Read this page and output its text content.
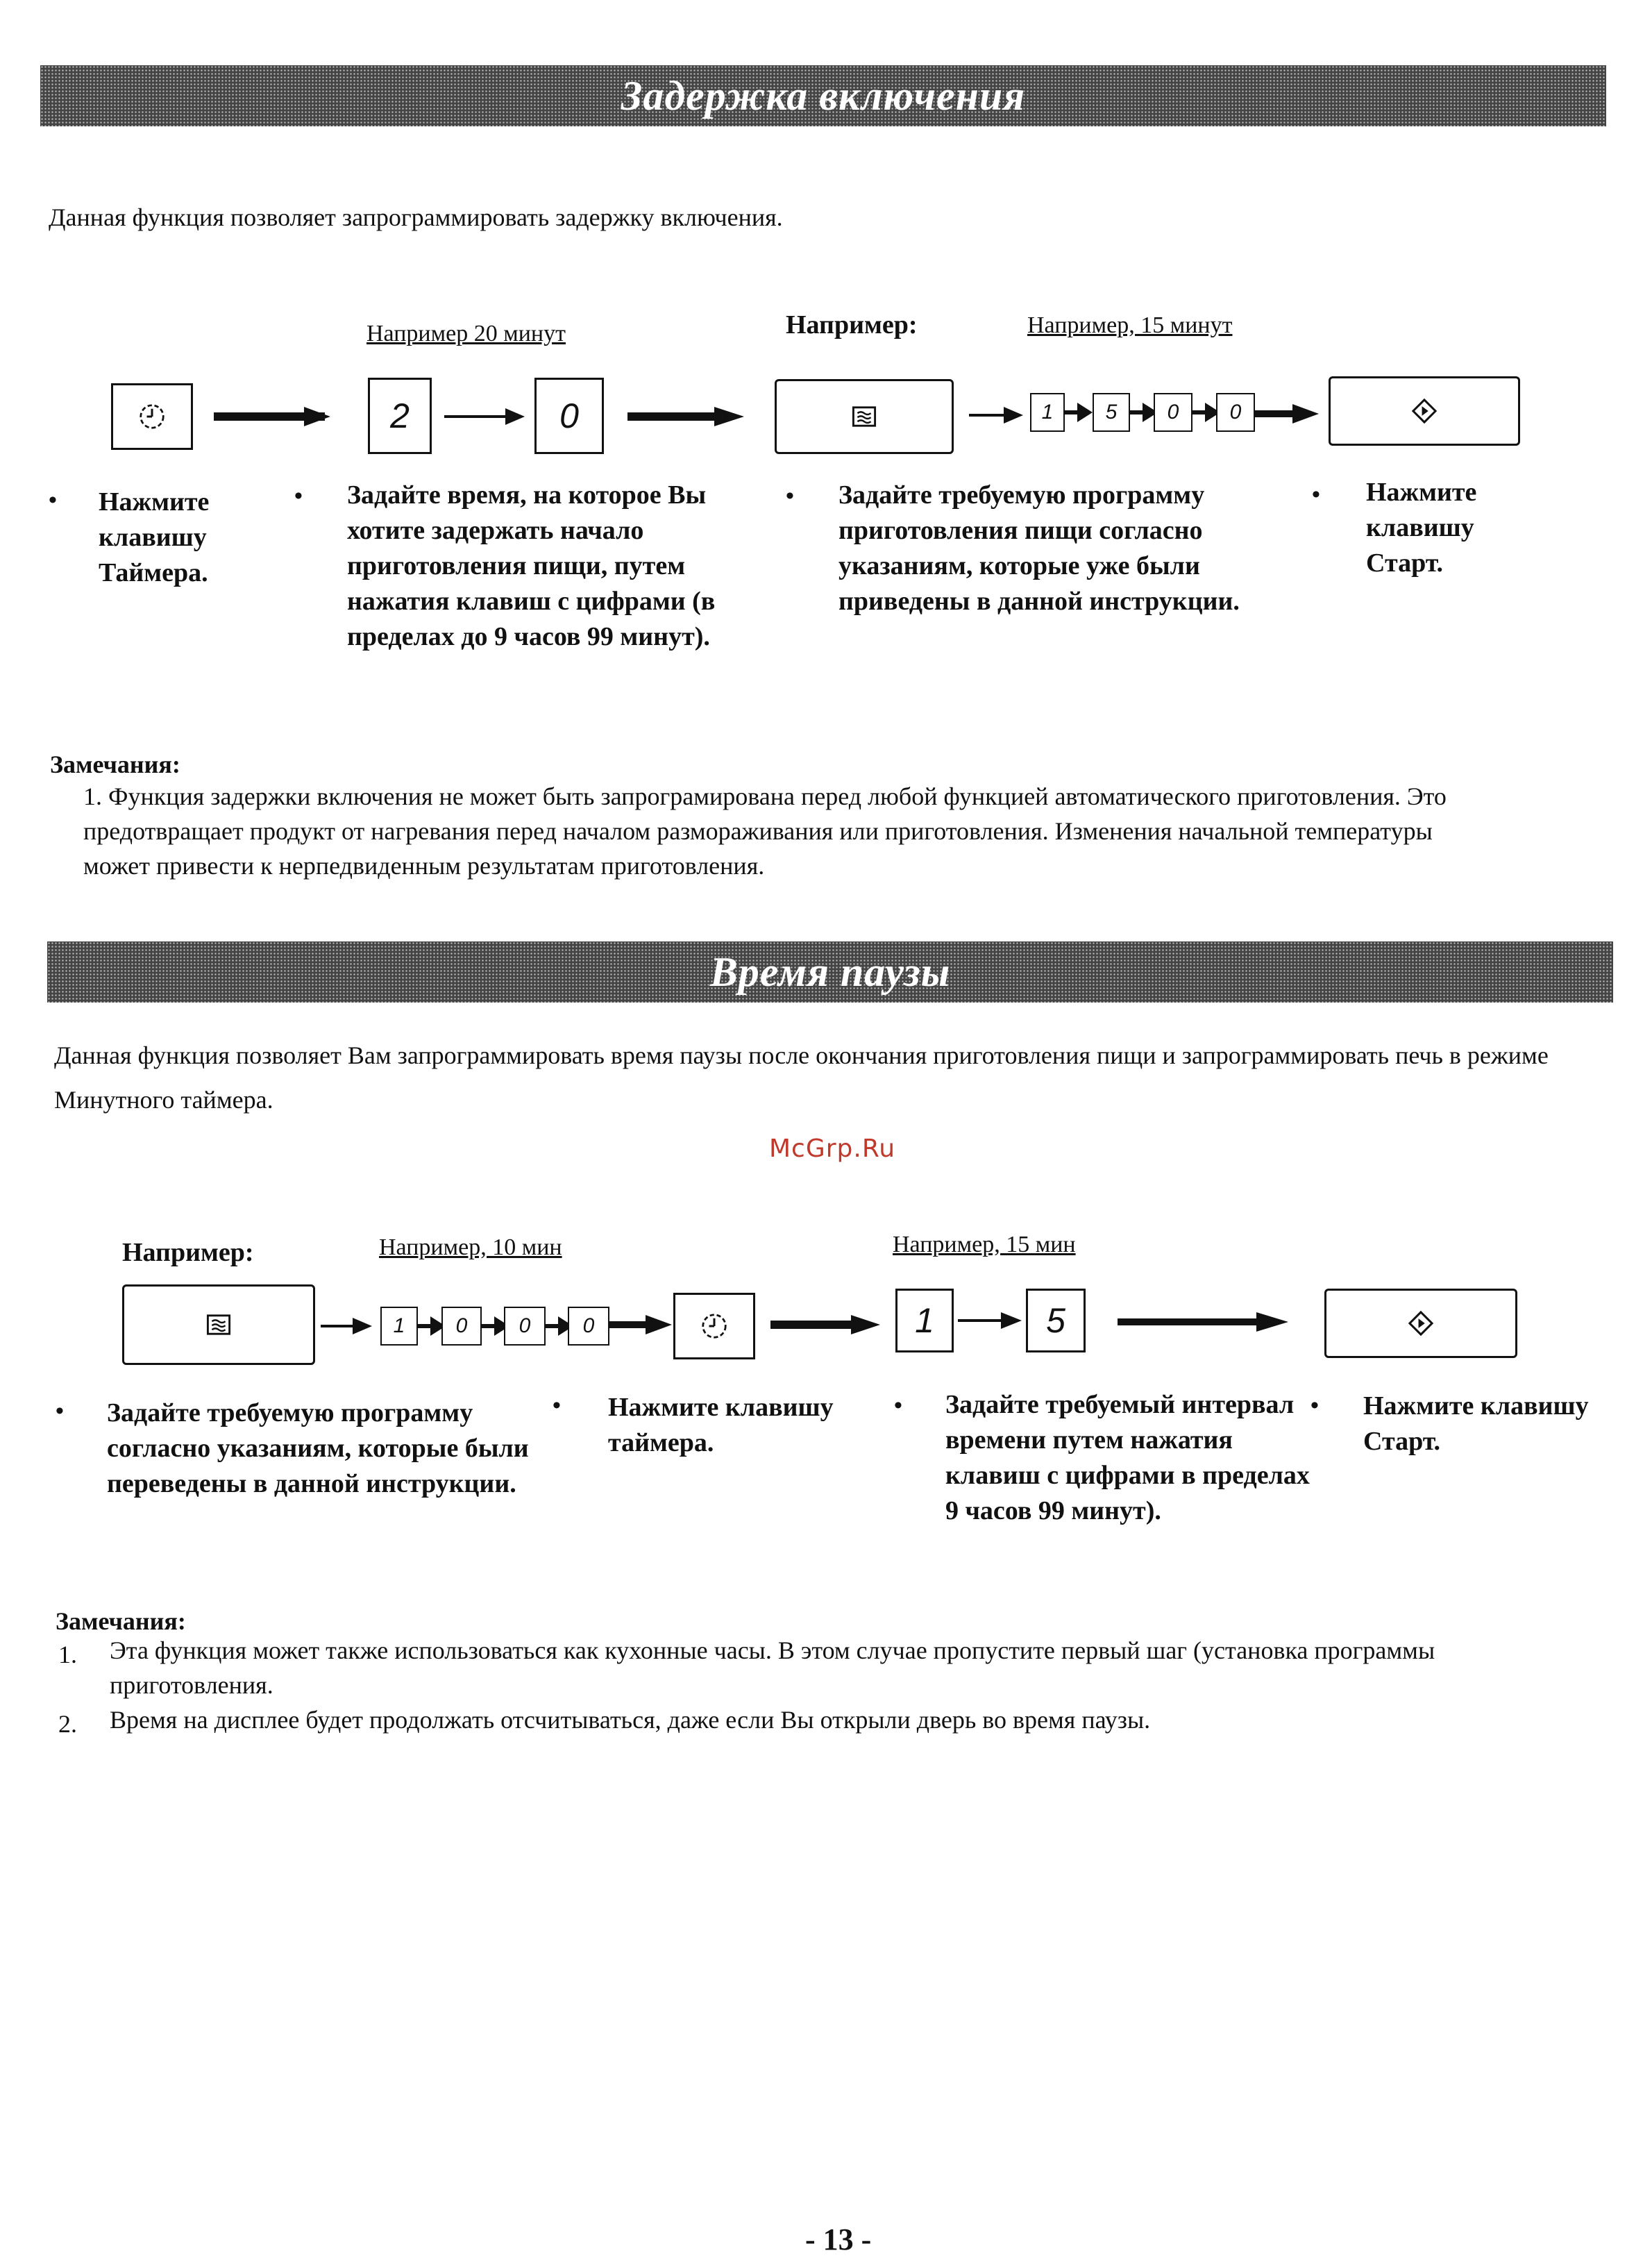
Задержка включения
Данная функция позволяет запрограммировать задержку включения.
Например 20 минут	Например:	Например, 15 минут
2	0	1	5 0 0
• Нажмите клавишу Таймера.
• Задайте время, на которое Вы хотите задержать начало приготовления пищи, путем нажатия клавиш с цифрами (в пределах до 9 часов 99 минут).
• Задайте требуемую программу приготовления пищи согласно указаниям, которые уже были приведены в данной инструкции.
• Нажмите клавишу Старт.
Замечания:
1. Функция задержки включения не может быть запрограмирована перед любой функцией автоматического приготовления. Это предотвращает продукт от нагревания перед началом размораживания или приготовления. Изменения начальной температуры может привести к нерпедвиденным результатам приготовления.
Время паузы
Данная функция позволяет Вам запрограммировать время паузы после окончания приготовления пищи и запрограммировать печь в режиме Минутного таймера.
McGrp.Ru
Например:	Например, 10 мин	Например, 15 мин
1 0 0	0	1	5
• Задайте требуемую программу согласно указаниям, которые были переведены в данной инструкции.
• Нажмите клавишу таймера.
• Задайте требуемый интервал времени путем нажатия клавиш с цифрами в пределах 9 часов 99 минут).
• Нажмите клавишу Старт.
Замечания:
1. Эта функция может также использоваться как кухонные часы. В этом случае пропустите первый шаг (установка программы приготовления.
2. Время на дисплее будет продолжать отсчитываться, даже если Вы открыли дверь во время паузы.
- 13 -
